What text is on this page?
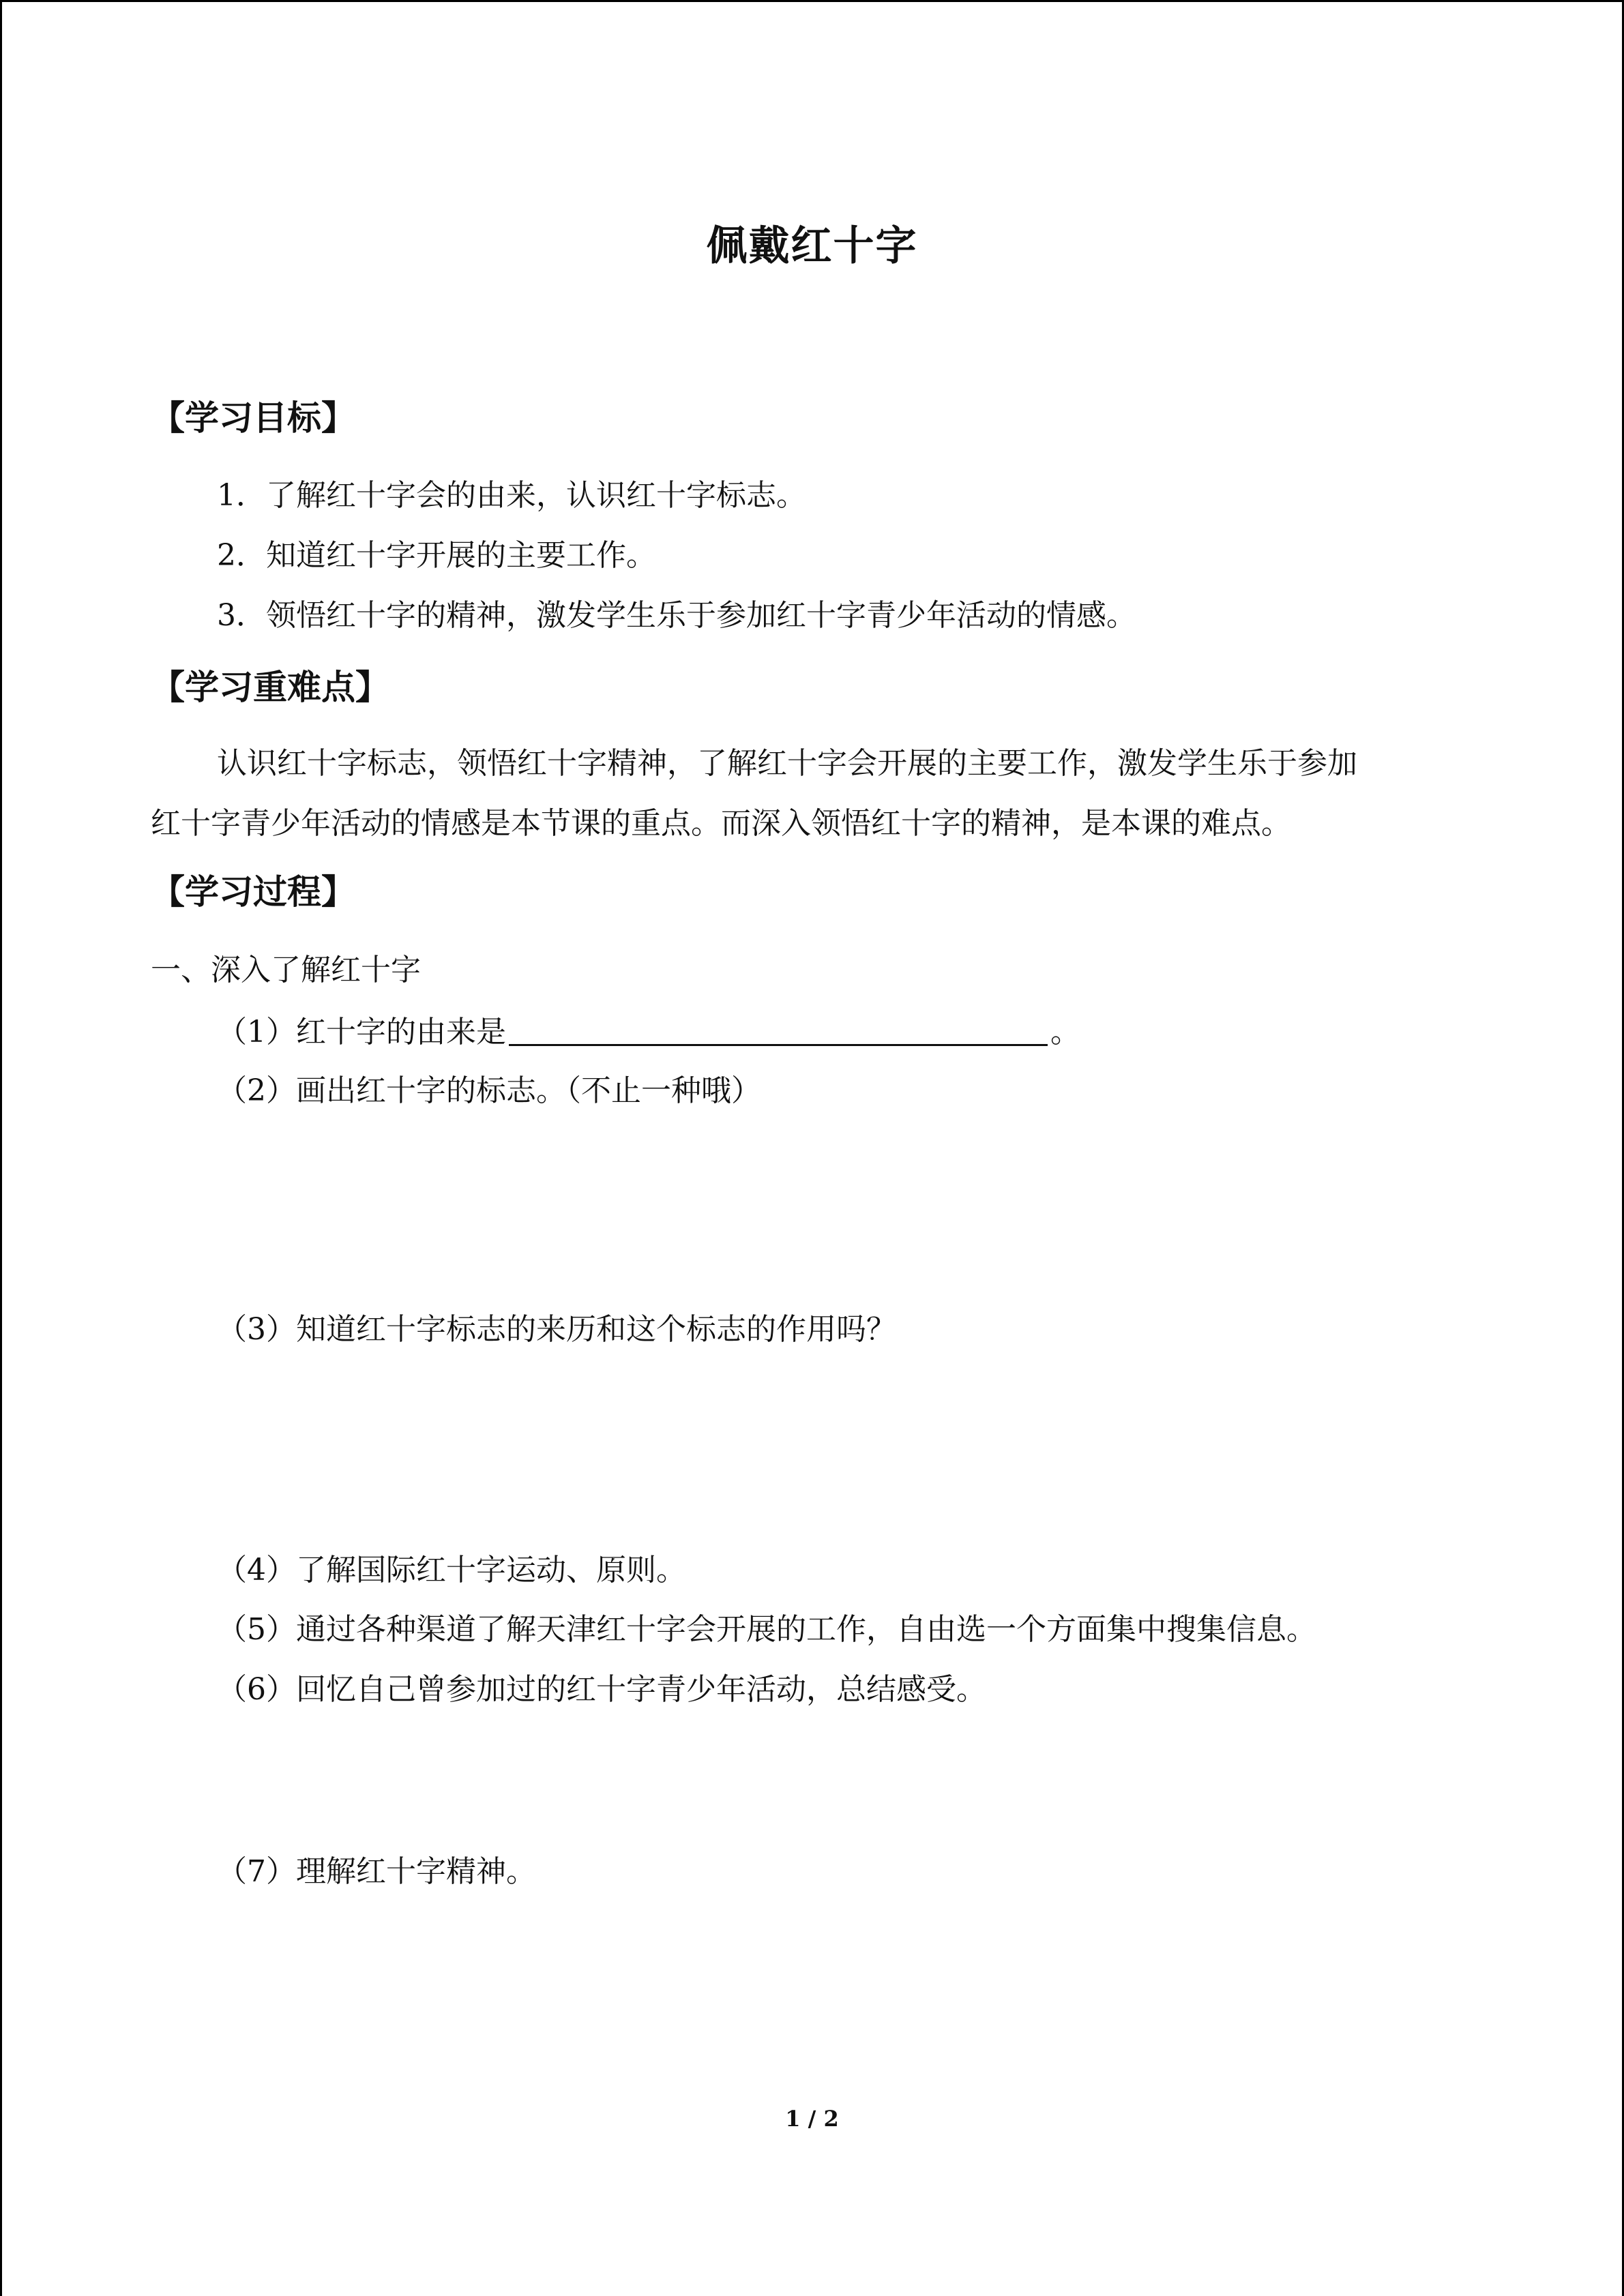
佩戴红十字
【学习目标】
1．了解红十字会的由来，认识红十字标志。
2．知道红十字开展的主要工作。
3．领悟红十字的精神，激发学生乐于参加红十字青少年活动的情感。
【学习重难点】
认识红十字标志，领悟红十字精神，了解红十字会开展的主要工作，激发学生乐于参加
红十字青少年活动的情感是本节课的重点。而深入领悟红十字的精神，是本课的难点。
【学习过程】
一、深入了解红十字
（1）红十字的由来是	。
（2）画出红十字的标志。（不止一种哦）
（3）知道红十字标志的来历和这个标志的作用吗？
（4）了解国际红十字运动、原则。
（5）通过各种渠道了解天津红十字会开展的工作，自由选一个方面集中搜集信息。
（6）回忆自己曾参加过的红十字青少年活动，总结感受。
（7）理解红十字精神。
1 / 2
